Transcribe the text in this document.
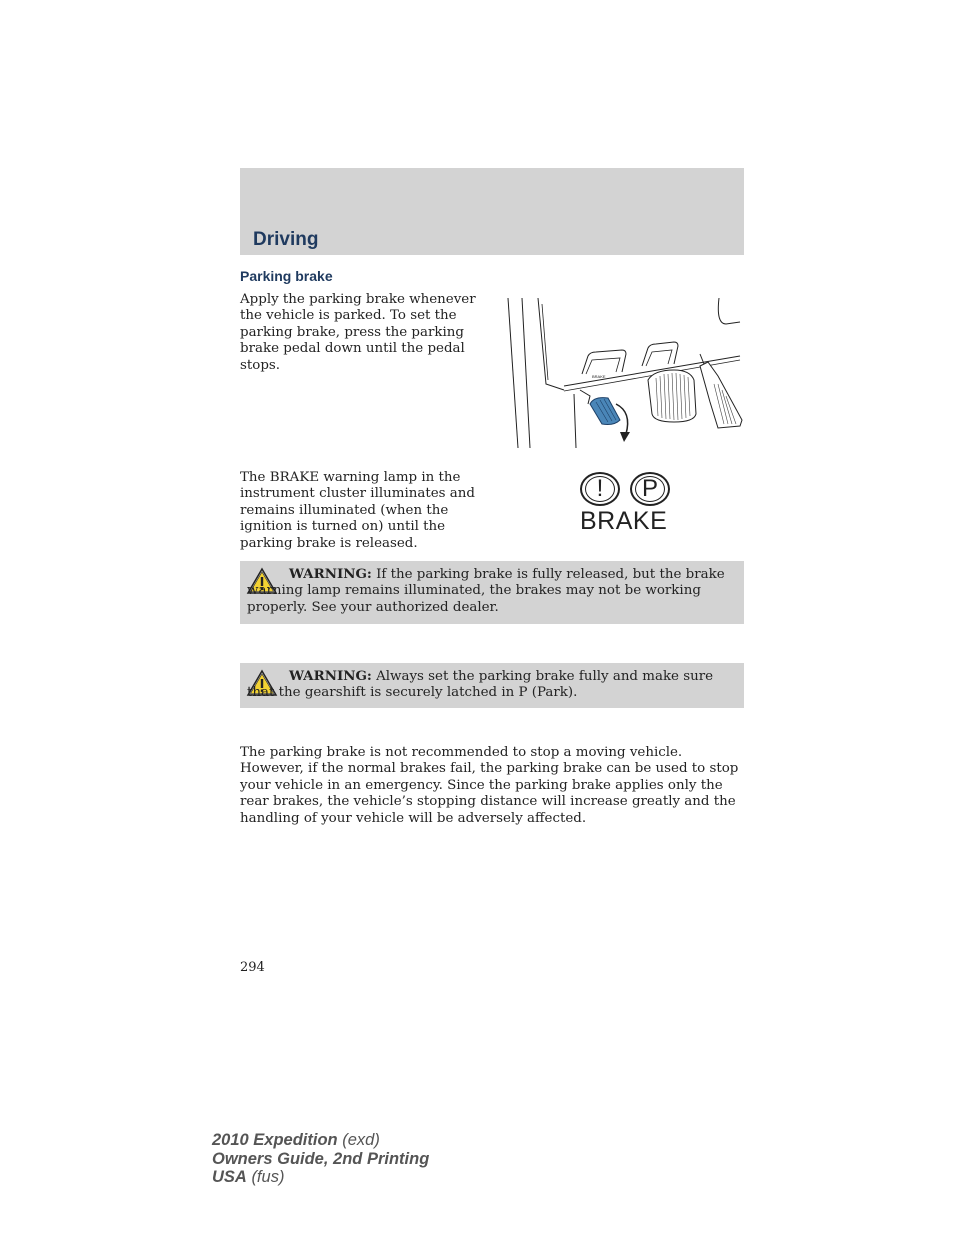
Driving
Parking brake
Apply the parking brake whenever the vehicle is parked. To set the parking brake, press the parking brake pedal down until the pedal stops.
BRAKE
The BRAKE warning lamp in the instrument cluster illuminates and remains illuminated (when the ignition is turned on) until the parking brake is released.
!	P
BRAKE
WARNING: If the parking brake is fully released, but the brake warning lamp remains illuminated, the brakes may not be working properly. See your authorized dealer.
WARNING: Always set the parking brake fully and make sure that the gearshift is securely latched in P (Park).
The parking brake is not recommended to stop a moving vehicle. However, if the normal brakes fail, the parking brake can be used to stop your vehicle in an emergency. Since the parking brake applies only the rear brakes, the vehicle’s stopping distance will increase greatly and the handling of your vehicle will be adversely affected.
294
2010 Expedition (exd)
Owners Guide, 2nd Printing
USA (fus)
